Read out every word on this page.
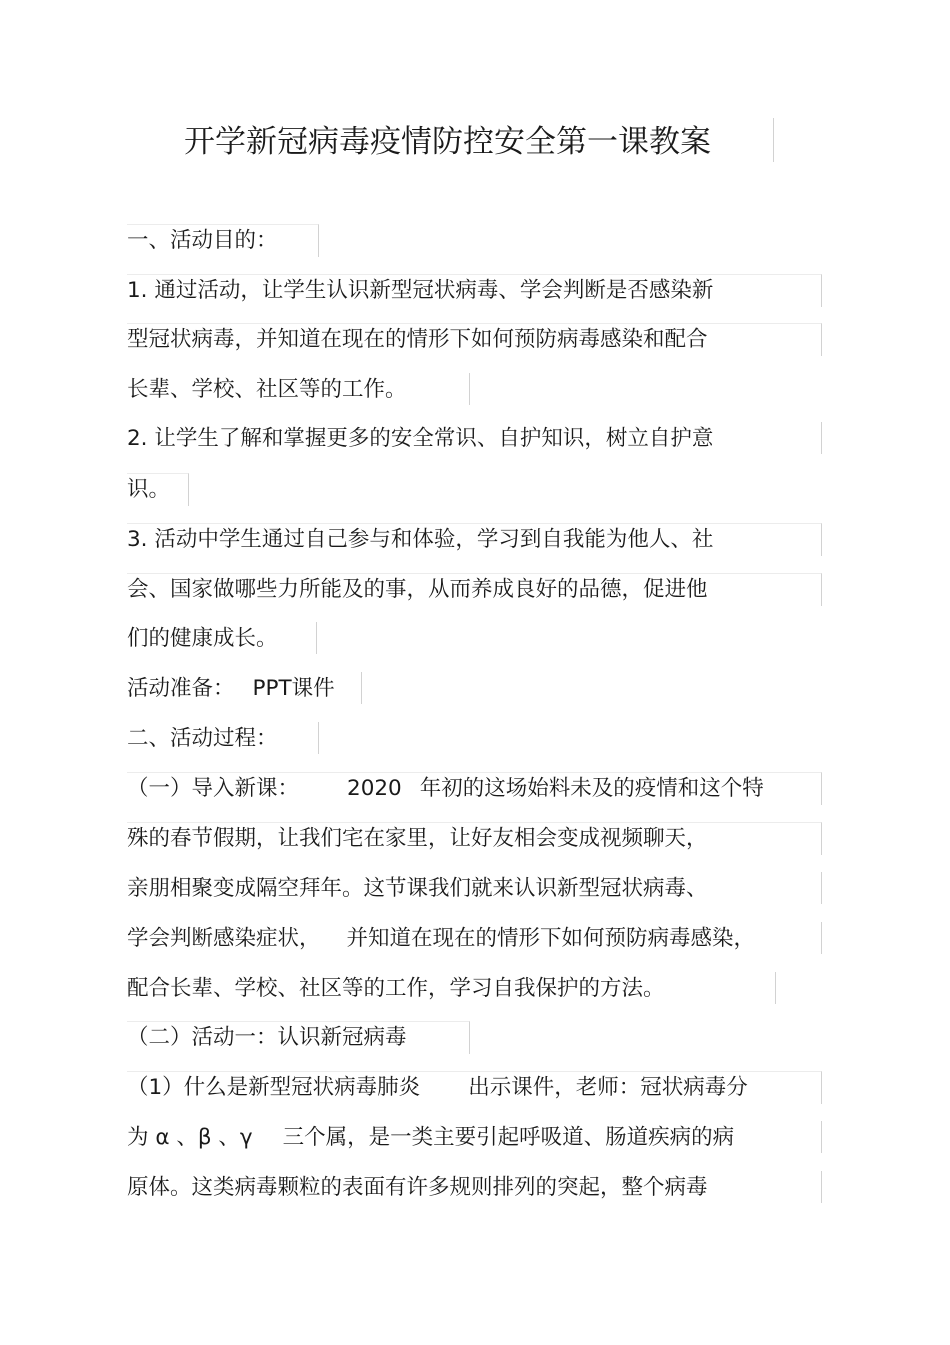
开学新冠病毒疫情防控安全第一课教案
一、活动目的：
1. 通过活动，让学生认识新型冠状病毒、学会判断是否感染新
型冠状病毒，并知道在现在的情形下如何预防病毒感染和配合
长辈、学校、社区等的工作。
2. 让学生了解和掌握更多的安全常识、自护知识，树立自护意
识。
3. 活动中学生通过自己参与和体验，学习到自我能为他人、社
会、国家做哪些力所能及的事，从而养成良好的品德，促进他
们的健康成长。
活动准备： PPT课件
二、活动过程：
（一）导入新课： 2020 年初的这场始料未及的疫情和这个特
殊的春节假期，让我们宅在家里，让好友相会变成视频聊天，
亲朋相聚变成隔空拜年。这节课我们就来认识新型冠状病毒、
学会判断感染症状， 并知道在现在的情形下如何预防病毒感染，
配合长辈、学校、社区等的工作，学习自我保护的方法。
（二）活动一：认识新冠病毒
（1）什么是新型冠状病毒肺炎 出示课件，老师：冠状病毒分
为 α 、β 、γ 三个属，是一类主要引起呼吸道、肠道疾病的病
原体。这类病毒颗粒的表面有许多规则排列的突起，整个病毒
